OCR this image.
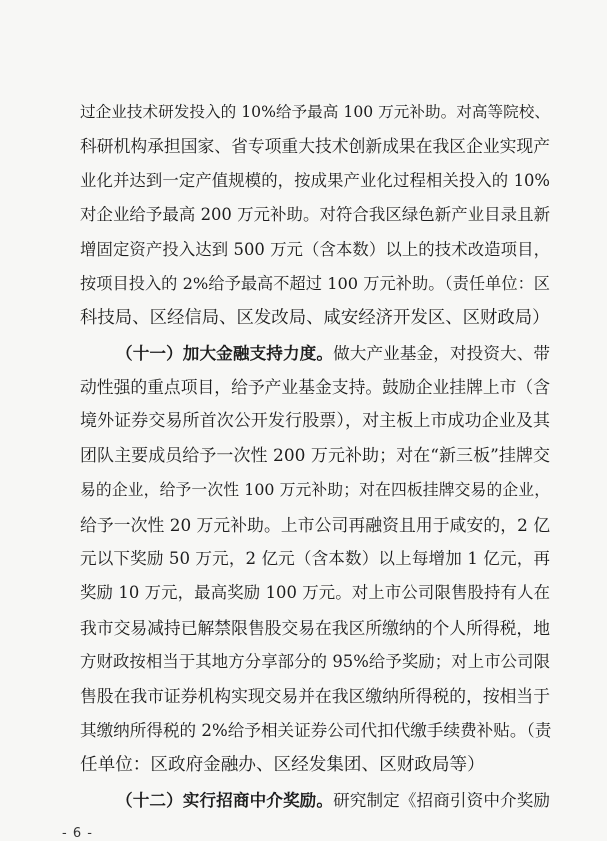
过企业技术研发投入的 10%给予最高 100 万元补助。对高等院校、
科研机构承担国家、省专项重大技术创新成果在我区企业实现产
业化并达到一定产值规模的，按成果产业化过程相关投入的 10%
对企业给予最高 200 万元补助。对符合我区绿色新产业目录且新
增固定资产投入达到 500 万元（含本数）以上的技术改造项目，
按项目投入的 2%给予最高不超过 100 万元补助。（责任单位：区
科技局、区经信局、区发改局、咸安经济开发区、区财政局）
（十一）加大金融支持力度。做大产业基金，对投资大、带
动性强的重点项目，给予产业基金支持。鼓励企业挂牌上市（含
境外证券交易所首次公开发行股票），对主板上市成功企业及其
团队主要成员给予一次性 200 万元补助；对在“新三板”挂牌交
易的企业，给予一次性 100 万元补助；对在四板挂牌交易的企业，
给予一次性 20 万元补助。上市公司再融资且用于咸安的，2 亿
元以下奖励 50 万元，2 亿元（含本数）以上每增加 1 亿元，再
奖励 10 万元，最高奖励 100 万元。对上市公司限售股持有人在
我市交易减持已解禁限售股交易在我区所缴纳的个人所得税，地
方财政按相当于其地方分享部分的 95%给予奖励；对上市公司限
售股在我市证券机构实现交易并在我区缴纳所得税的，按相当于
其缴纳所得税的 2%给予相关证券公司代扣代缴手续费补贴。（责
任单位：区政府金融办、区经发集团、区财政局等）
（十二）实行招商中介奖励。研究制定《招商引资中介奖励
- 6 -
